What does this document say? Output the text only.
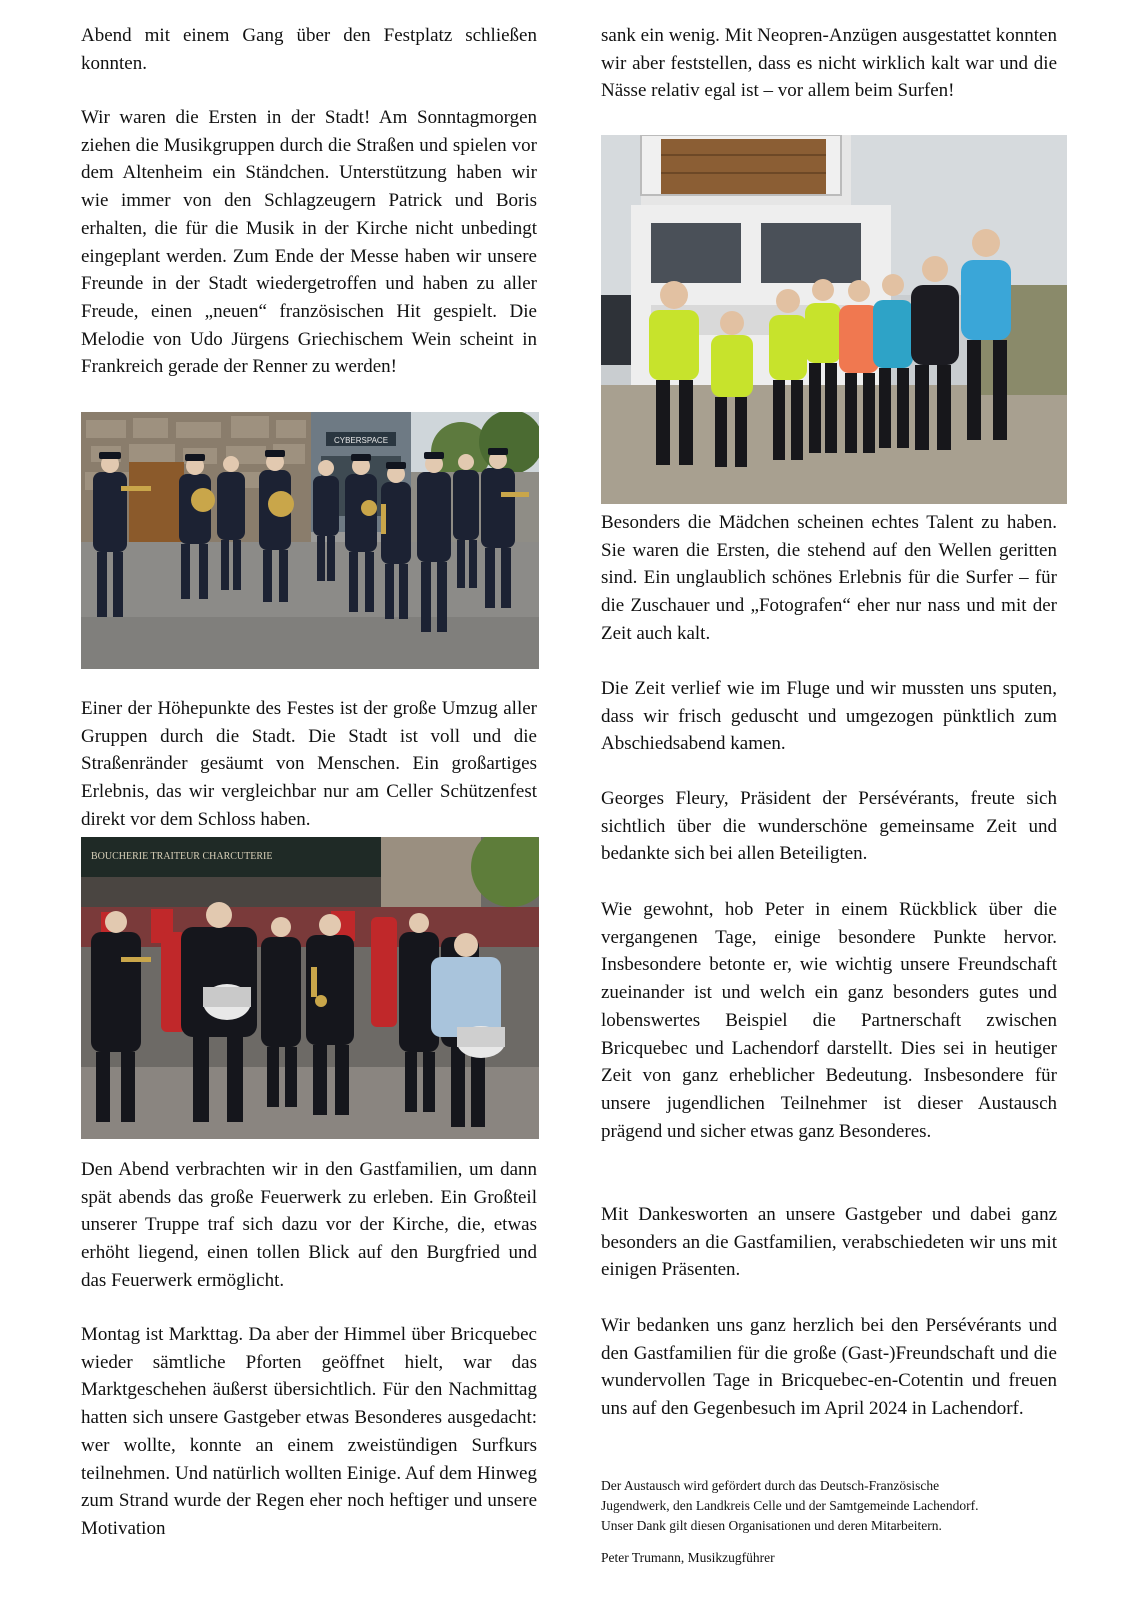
Abend mit einem Gang über den Festplatz schließen konnten.

Wir waren die Ersten in der Stadt! Am Sonntagmorgen ziehen die Musikgruppen durch die Straßen und spielen vor dem Altenheim ein Ständchen. Unterstützung haben wir wie immer von den Schlagzeugern Patrick und Boris erhalten, die für die Musik in der Kirche nicht unbedingt eingeplant werden. Zum Ende der Messe haben wir unsere Freunde in der Stadt wiedergetroffen und haben zu aller Freude, einen „neuen“ französischen Hit gespielt. Die Melodie von Udo Jürgens Griechischem Wein scheint in Frankreich gerade der Renner zu werden!

Einer der Höhepunkte des Festes ist der große Umzug aller Gruppen durch die Stadt. Die Stadt ist voll und die Straßenränder gesäumt von Menschen. Ein großartiges Erlebnis, das wir vergleichbar nur am Celler Schützenfest direkt vor dem Schloss haben.

Den Abend verbrachten wir in den Gastfamilien, um dann spät abends das große Feuerwerk zu erleben. Ein Großteil unserer Truppe traf sich dazu vor der Kirche, die, etwas erhöht liegend, einen tollen Blick auf den Burgfried und das Feuerwerk ermöglicht.

Montag ist Markttag. Da aber der Himmel über Bricquebec wieder sämtliche Pforten geöffnet hielt, war das Marktgeschehen äußerst übersichtlich. Für den Nachmittag hatten sich unsere Gastgeber etwas Besonderes ausgedacht: wer wollte, konnte an einem zweistündigen Surfkurs teilnehmen. Und natürlich wollten Einige. Auf dem Hinweg zum Strand wurde der Regen eher noch heftiger und unsere Motivation

CYBERSPACE
BOUCHERIE TRAITEUR CHARCUTERIE

sank ein wenig. Mit Neopren-Anzügen ausgestattet konnten wir aber feststellen, dass es nicht wirklich kalt war und die Nässe relativ egal ist – vor allem beim Surfen!

Besonders die Mädchen scheinen echtes Talent zu haben. Sie waren die Ersten, die stehend auf den Wellen geritten sind. Ein unglaublich schönes Erlebnis für die Surfer – für die Zuschauer und „Fotografen“ eher nur nass und mit der Zeit auch kalt.

Die Zeit verlief wie im Fluge und wir mussten uns sputen, dass wir frisch geduscht und umgezogen pünktlich zum Abschiedsabend kamen.

Georges Fleury, Präsident der Persévérants, freute sich sichtlich über die wunderschöne gemeinsame Zeit und bedankte sich bei allen Beteiligten.

Wie gewohnt, hob Peter in einem Rückblick über die vergangenen Tage, einige besondere Punkte hervor. Insbesondere betonte er, wie wichtig unsere Freundschaft zueinander ist und welch ein ganz besonders gutes und lobenswertes Beispiel die Partnerschaft zwischen Bricquebec und Lachendorf darstellt. Dies sei in heutiger Zeit von ganz erheblicher Bedeutung. Insbesondere für unsere jugendlichen Teilnehmer ist dieser Austausch prägend und sicher etwas ganz Besonderes.

Mit Dankesworten an unsere Gastgeber und dabei ganz besonders an die Gastfamilien, verabschiedeten wir uns mit einigen Präsenten.

Wir bedanken uns ganz herzlich bei den Persévérants und den Gastfamilien für die große (Gast-)Freundschaft und die wundervollen Tage in Bricquebec-en-Cotentin und freuen uns auf den Gegenbesuch im April 2024 in Lachendorf.

Der Austausch wird gefördert durch das Deutsch-Französische

Jugendwerk, den Landkreis Celle und der Samtgemeinde Lachendorf.

Unser Dank gilt diesen Organisationen und deren Mitarbeitern.

Peter Trumann, Musikzugführer
